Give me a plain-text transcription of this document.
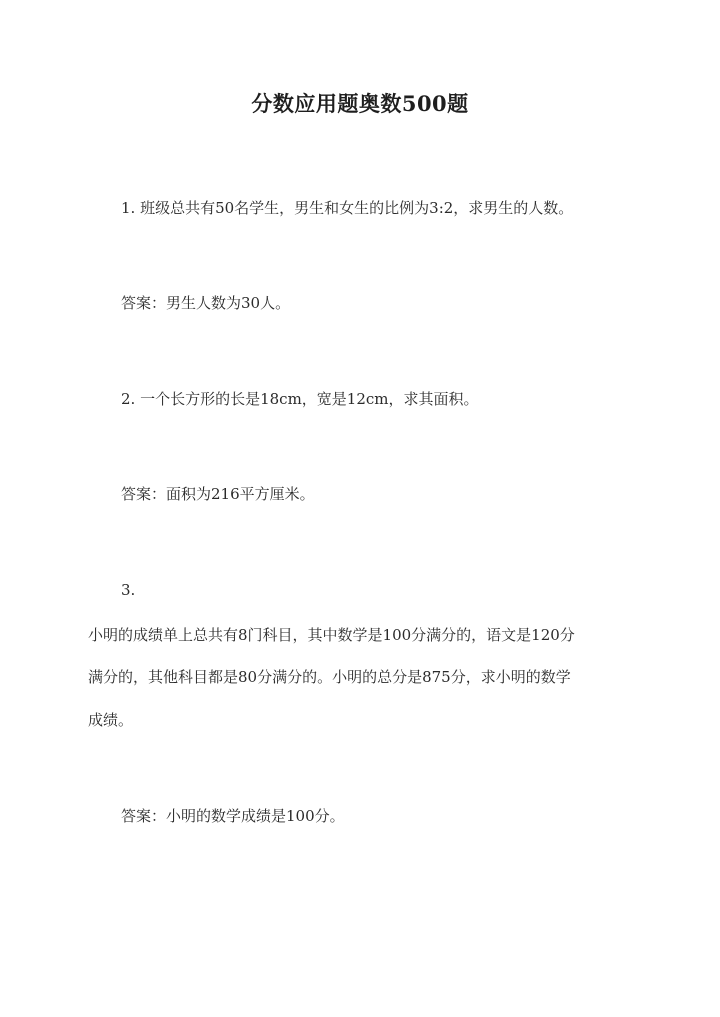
分数应用题奥数500题
1. 班级总共有50名学生，男生和女生的比例为3:2，求男生的人数。
答案：男生人数为30人。
2. 一个长方形的长是18cm，宽是12cm，求其面积。
答案：面积为216平方厘米。
3.
小明的成绩单上总共有8门科目，其中数学是100分满分的，语文是120分
满分的，其他科目都是80分满分的。小明的总分是875分，求小明的数学
成绩。
答案：小明的数学成绩是100分。
